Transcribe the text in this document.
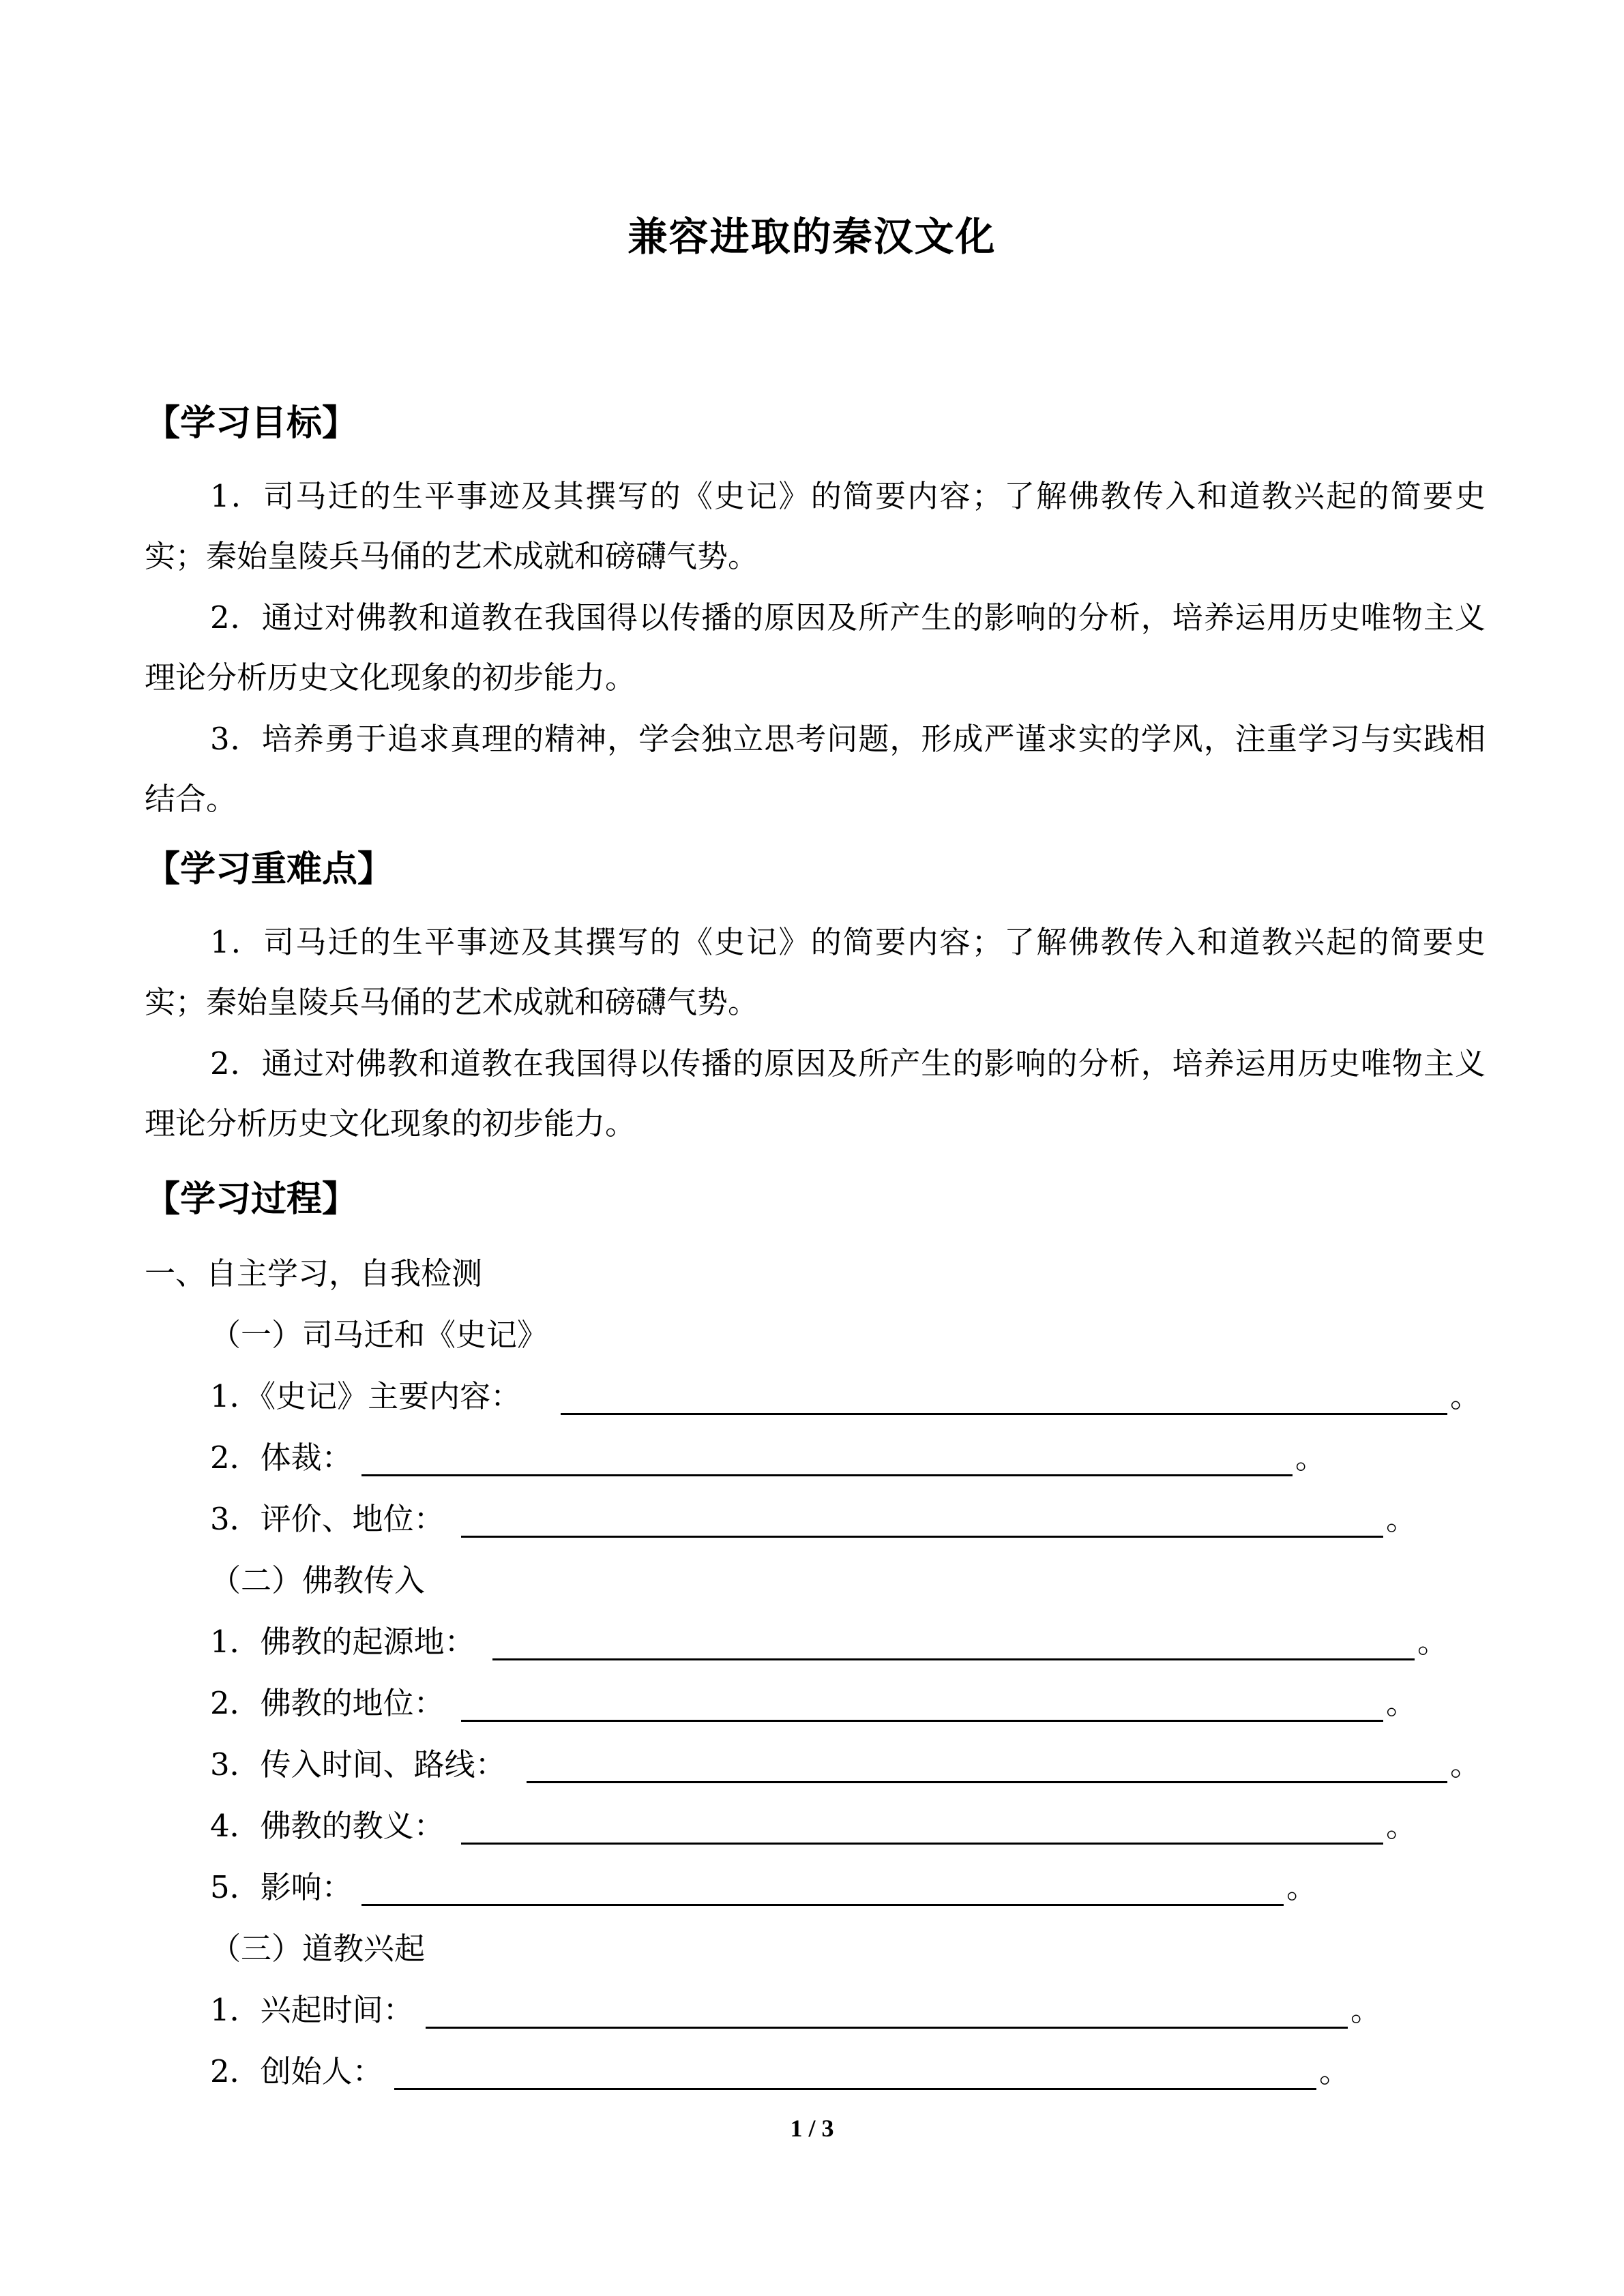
兼容进取的秦汉文化
【学习目标】
1．司马迁的生平事迹及其撰写的《史记》的简要内容；了解佛教传入和道教兴起的简要史实；秦始皇陵兵马俑的艺术成就和磅礴气势。
2．通过对佛教和道教在我国得以传播的原因及所产生的影响的分析，培养运用历史唯物主义理论分析历史文化现象的初步能力。
3．培养勇于追求真理的精神，学会独立思考问题，形成严谨求实的学风，注重学习与实践相结合。
【学习重难点】
1．司马迁的生平事迹及其撰写的《史记》的简要内容；了解佛教传入和道教兴起的简要史实；秦始皇陵兵马俑的艺术成就和磅礴气势。
2．通过对佛教和道教在我国得以传播的原因及所产生的影响的分析，培养运用历史唯物主义理论分析历史文化现象的初步能力。
【学习过程】
一、自主学习，自我检测
（一）司马迁和《史记》
1．《史记》主要内容：	。
2．体裁：	。
3．评价、地位：	。
（二）佛教传入
1．佛教的起源地：	。
2．佛教的地位：	。
3．传入时间、路线：	。
4．佛教的教义：	。
5．影响：	。
（三）道教兴起
1．兴起时间：	。
2．创始人：	。
1 / 3
